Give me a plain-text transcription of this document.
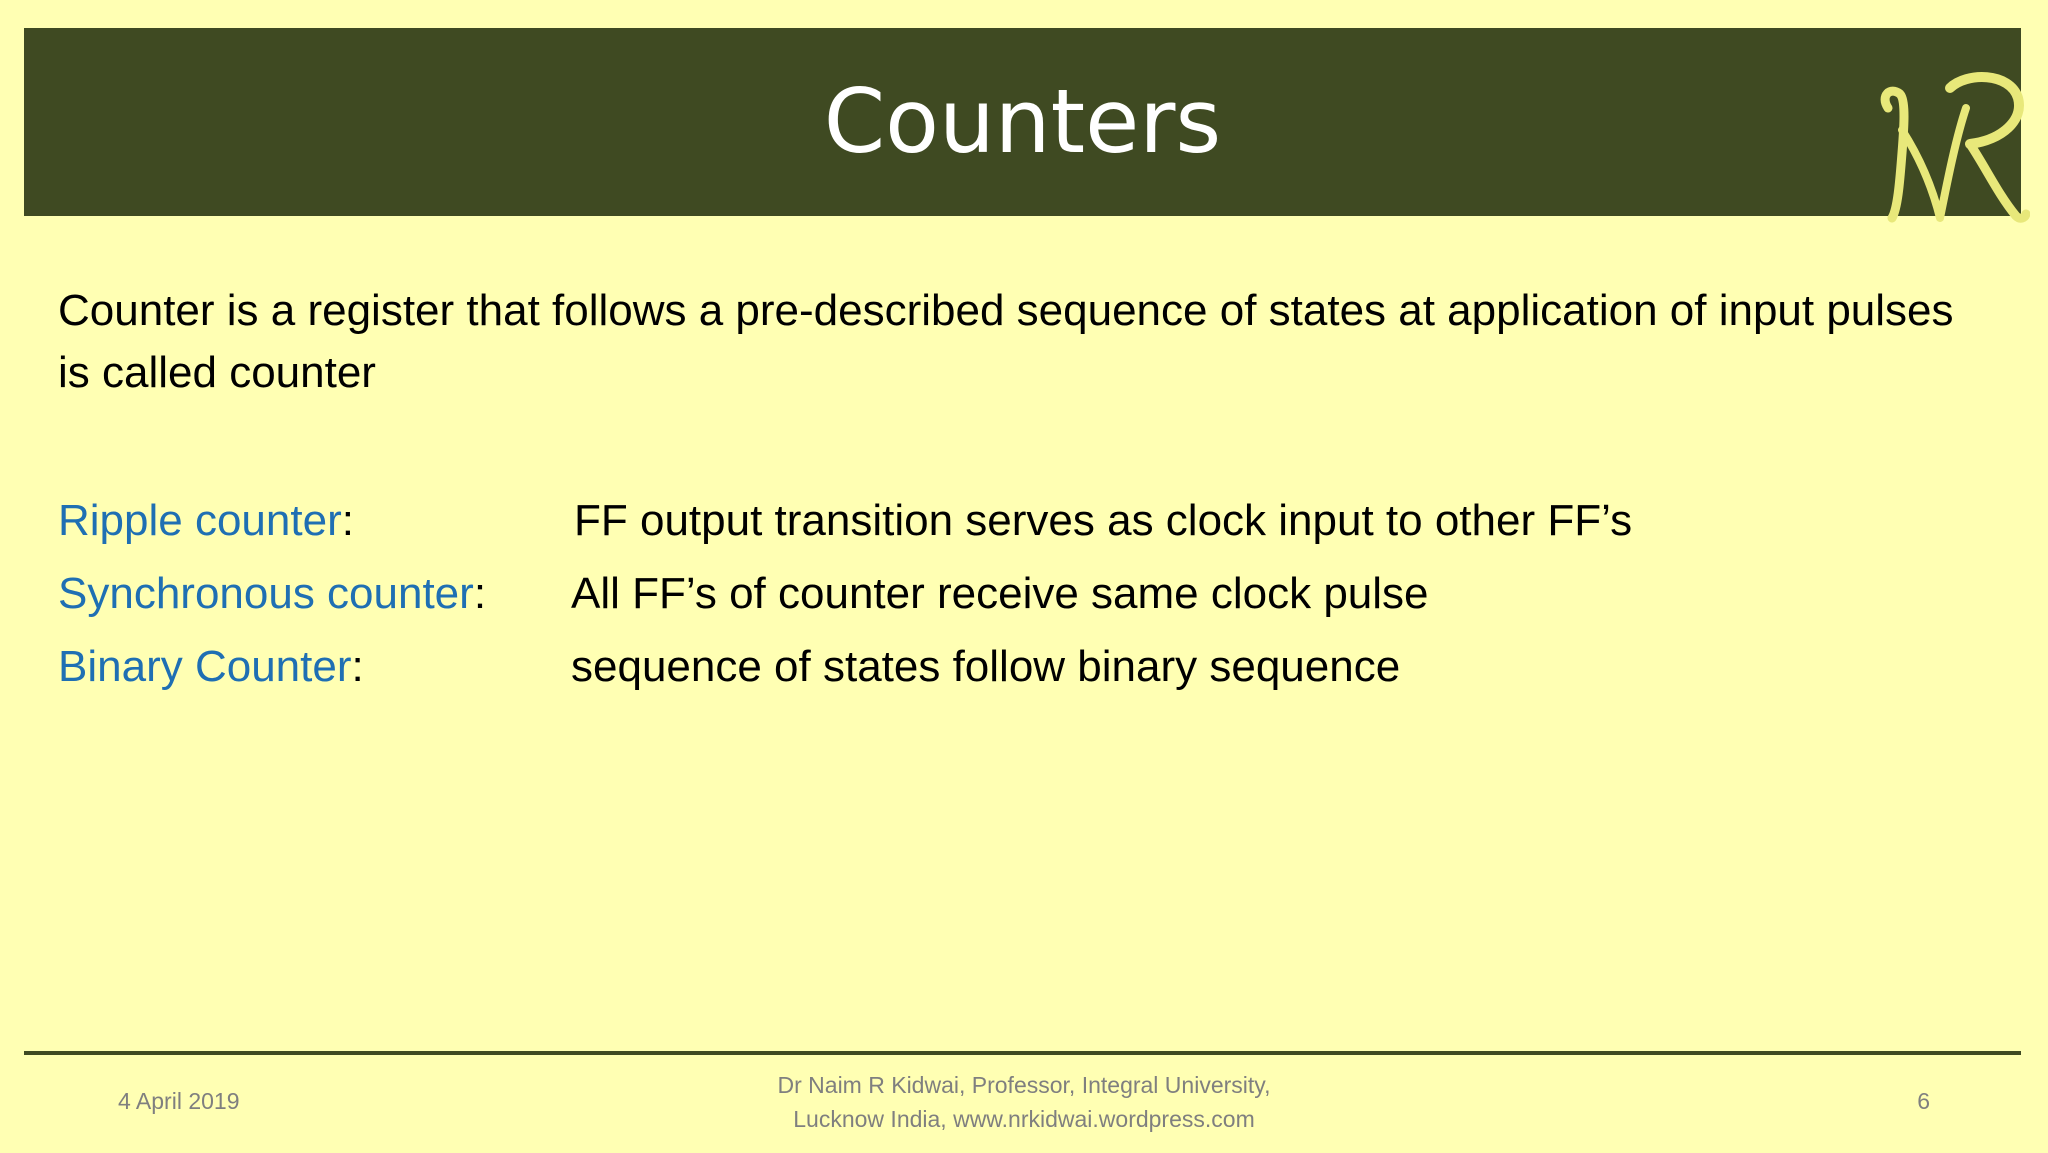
Counters
Counter is a register that follows a pre-described sequence of states at application of input pulses is called counter
Ripple counter:	FF output transition serves as clock input to other FF’s
Synchronous counter: All FF’s of counter receive same clock pulse
Binary Counter:	sequence of states follow binary sequence
4 April 2019
Dr Naim R Kidwai, Professor, Integral University,
Lucknow India, www.nrkidwai.wordpress.com
6
